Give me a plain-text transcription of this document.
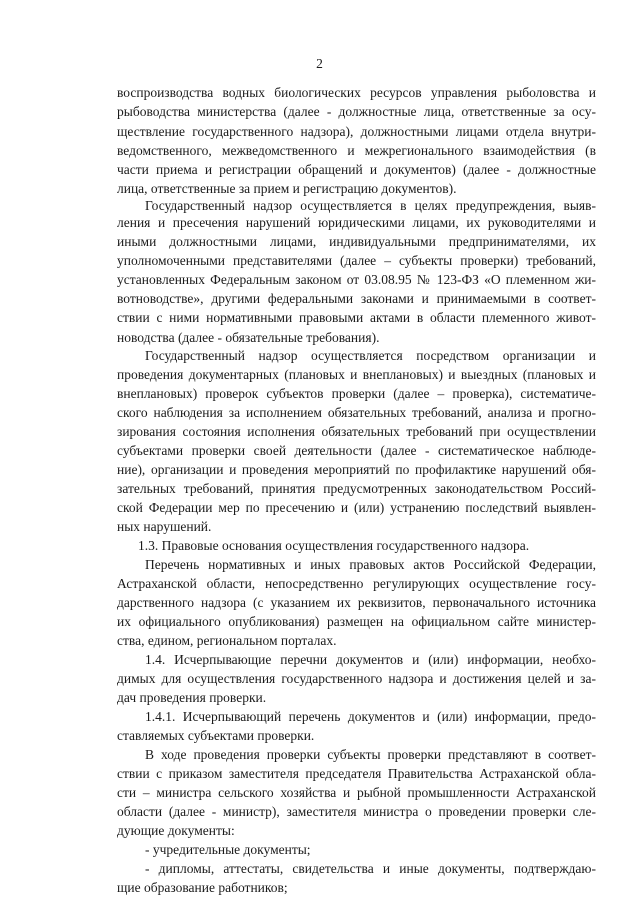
2
воспроизводства водных биологических ресурсов управления рыболовства и
рыбоводства министерства (далее - должностные лица, ответственные за осу-
ществление государственного надзора), должностными лицами отдела внутри-
ведомственного, межведомственного и межрегионального взаимодействия (в
части приема и регистрации обращений и документов) (далее - должностные
лица, ответственные за прием и регистрацию документов).
Государственный надзор осуществляется в целях предупреждения, выяв-
ления и пресечения нарушений юридическими лицами, их руководителями и
иными должностными лицами, индивидуальными предпринимателями, их
уполномоченными представителями (далее – субъекты проверки) требований,
установленных Федеральным законом от 03.08.95 № 123-ФЗ «О племенном жи-
вотноводстве», другими федеральными законами и принимаемыми в соответ-
ствии с ними нормативными правовыми актами в области племенного живот-
новодства (далее - обязательные требования).
Государственный надзор осуществляется посредством организации и
проведения документарных (плановых и внеплановых) и выездных (плановых и
внеплановых) проверок субъектов проверки (далее – проверка), систематиче-
ского наблюдения за исполнением обязательных требований, анализа и прогно-
зирования состояния исполнения обязательных требований при осуществлении
субъектами проверки своей деятельности (далее - систематическое наблюде-
ние), организации и проведения мероприятий по профилактике нарушений обя-
зательных требований, принятия предусмотренных законодательством Россий-
ской Федерации мер по пресечению и (или) устранению последствий выявлен-
ных нарушений.
1.3. Правовые основания осуществления государственного надзора.
Перечень нормативных и иных правовых актов Российской Федерации,
Астраханской области, непосредственно регулирующих осуществление госу-
дарственного надзора (с указанием их реквизитов, первоначального источника
их официального опубликования) размещен на официальном сайте министер-
ства, едином, региональном порталах.
1.4. Исчерпывающие перечни документов и (или) информации, необхо-
димых для осуществления государственного надзора и достижения целей и за-
дач проведения проверки.
1.4.1. Исчерпывающий перечень документов и (или) информации, предо-
ставляемых субъектами проверки.
В ходе проведения проверки субъекты проверки представляют в соответ-
ствии с приказом заместителя председателя Правительства Астраханской обла-
сти – министра сельского хозяйства и рыбной промышленности Астраханской
области (далее - министр), заместителя министра о проведении проверки сле-
дующие документы:
- учредительные документы;
- дипломы, аттестаты, свидетельства и иные документы, подтверждаю-
щие образование работников;
